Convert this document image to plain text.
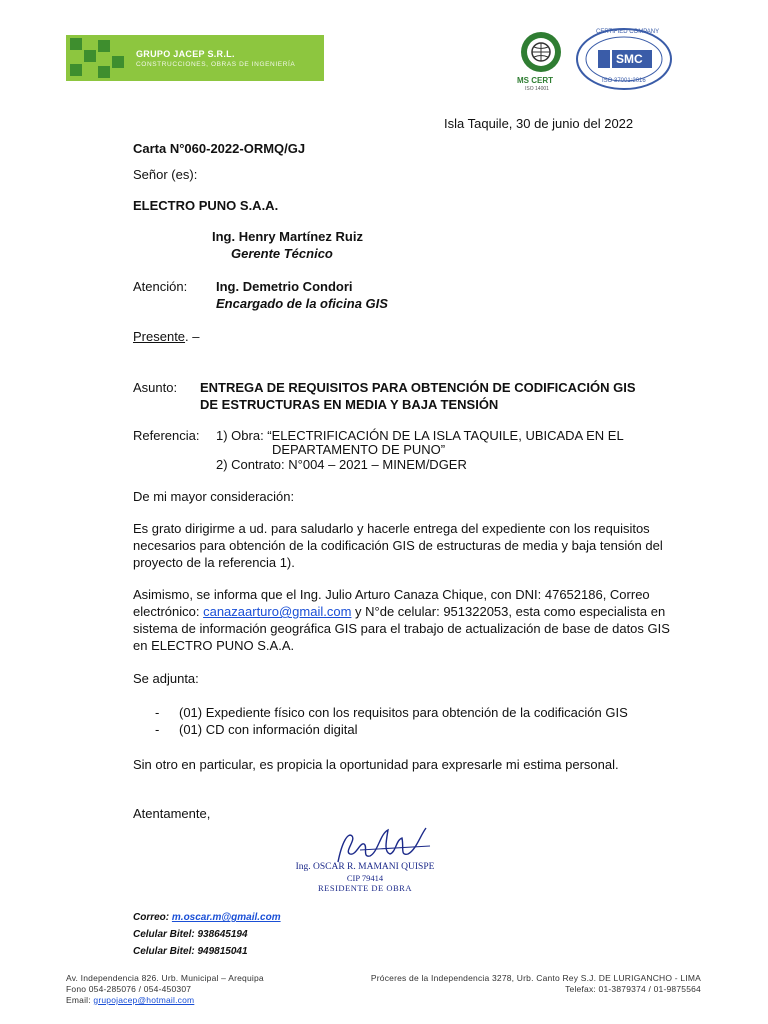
GRUPO JACEP S.R.L.
CONSTRUCCIONES, OBRAS DE INGENIERÍA
MS CERT
ISO 14001
CERTIFIED COMPANY
SMC
ISO 37001:2016
Isla Taquile, 30 de junio del 2022
Carta N°060-2022-ORMQ/GJ
Señor (es):
ELECTRO PUNO S.A.A.
Ing. Henry Martínez Ruiz
Gerente Técnico
Atención: Ing. Demetrio Condori
Encargado de la oficina GIS
Presente. –
Asunto: ENTREGA DE REQUISITOS PARA OBTENCIÓN DE CODIFICACIÓN GIS
DE ESTRUCTURAS EN MEDIA Y BAJA TENSIÓN
Referencia: 1) Obra: “ELECTRIFICACIÓN DE LA ISLA TAQUILE, UBICADA EN EL
DEPARTAMENTO DE PUNO”
2) Contrato: N°004 – 2021 – MINEM/DGER
De mi mayor consideración:
Es grato dirigirme a ud. para saludarlo y hacerle entrega del expediente con los requisitos
necesarios para obtención de la codificación GIS de estructuras de media y baja tensión del
proyecto de la referencia 1).
Asimismo, se informa que el Ing. Julio Arturo Canaza Chique, con DNI: 47652186, Correo
electrónico: canazaarturo@gmail.com y N°de celular: 951322053, esta como especialista en
sistema de información geográfica GIS para el trabajo de actualización de base de datos GIS
en ELECTRO PUNO S.A.A.
Se adjunta:
- (01) Expediente físico con los requisitos para obtención de la codificación GIS
- (01) CD con información digital
Sin otro en particular, es propicia la oportunidad para expresarle mi estima personal.
Atentamente,
Ing. OSCAR R. MAMANI QUISPE
CIP 79414
RESIDENTE DE OBRA
Correo: m.oscar.m@gmail.com
Celular Bitel: 938645194
Celular Bitel: 949815041
Av. Independencia 826. Urb. Municipal – Arequipa
Fono 054-285076 / 054-450307
Email: grupojacep@hotmail.com
Próceres de la Independencia 3278, Urb. Canto Rey S.J. DE LURIGANCHO - LIMA
Telefax: 01-3879374 / 01-9875564
